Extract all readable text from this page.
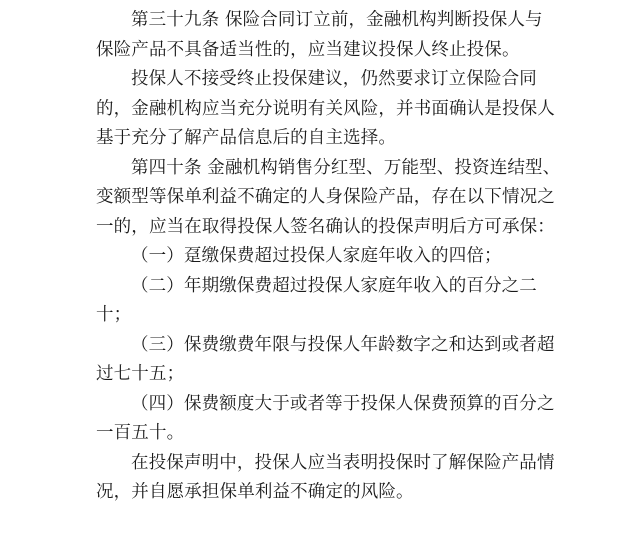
第三十九条 保险合同订立前，金融机构判断投保人与
保险产品不具备适当性的，应当建议投保人终止投保。
投保人不接受终止投保建议，仍然要求订立保险合同
的，金融机构应当充分说明有关风险，并书面确认是投保人
基于充分了解产品信息后的自主选择。
第四十条 金融机构销售分红型、万能型、投资连结型、
变额型等保单利益不确定的人身保险产品，存在以下情况之
一的，应当在取得投保人签名确认的投保声明后方可承保：
（一）趸缴保费超过投保人家庭年收入的四倍；
（二）年期缴保费超过投保人家庭年收入的百分之二
十；
（三）保费缴费年限与投保人年龄数字之和达到或者超
过七十五；
（四）保费额度大于或者等于投保人保费预算的百分之
一百五十。
在投保声明中，投保人应当表明投保时了解保险产品情
况，并自愿承担保单利益不确定的风险。
